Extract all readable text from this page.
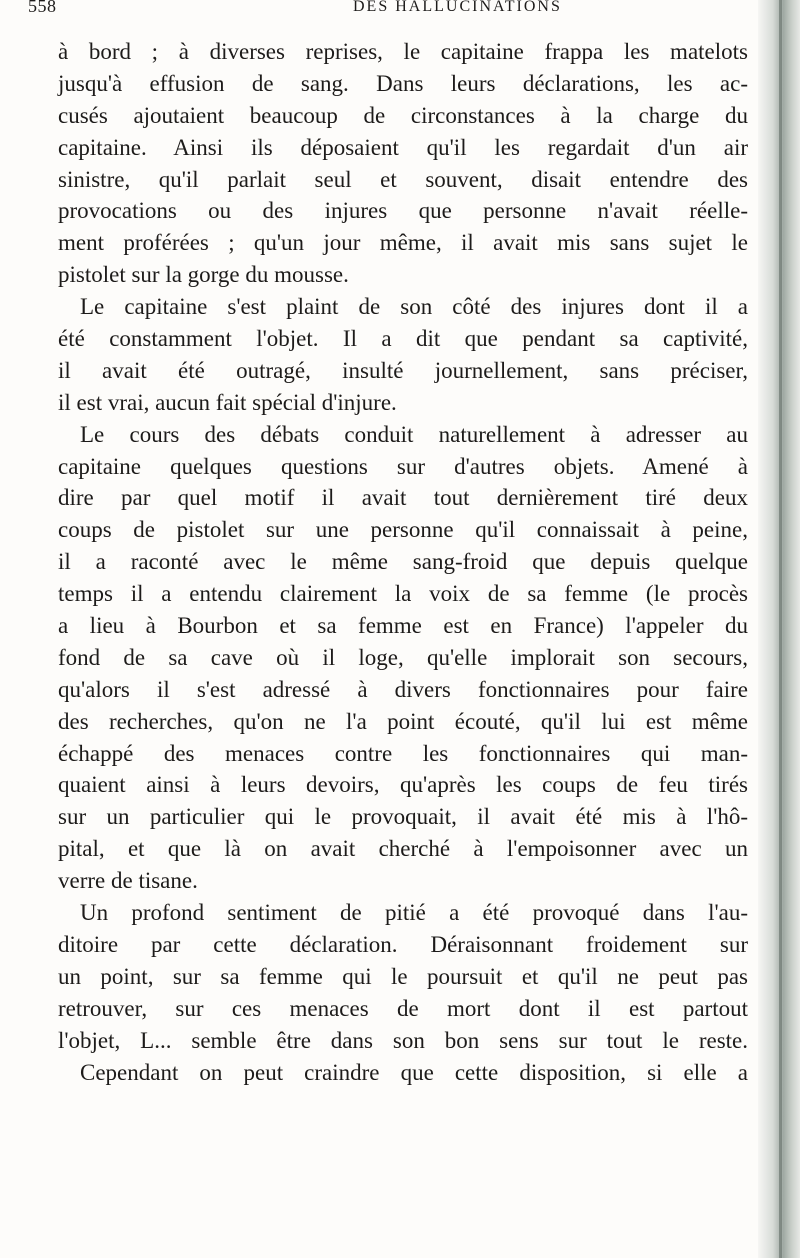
558	DES HALLUCINATIONS
à bord ; à diverses reprises, le capitaine frappa les matelots
jusqu'à effusion de sang. Dans leurs déclarations, les ac-
cusés ajoutaient beaucoup de circonstances à la charge du
capitaine. Ainsi ils déposaient qu'il les regardait d'un air
sinistre, qu'il parlait seul et souvent, disait entendre des
provocations ou des injures que personne n'avait réelle-
ment proférées ; qu'un jour même, il avait mis sans sujet le
pistolet sur la gorge du mousse.
Le capitaine s'est plaint de son côté des injures dont il a
été constamment l'objet. Il a dit que pendant sa captivité,
il avait été outragé, insulté journellement, sans préciser,
il est vrai, aucun fait spécial d'injure.
Le cours des débats conduit naturellement à adresser au
capitaine quelques questions sur d'autres objets. Amené à
dire par quel motif il avait tout dernièrement tiré deux
coups de pistolet sur une personne qu'il connaissait à peine,
il a raconté avec le même sang-froid que depuis quelque
temps il a entendu clairement la voix de sa femme (le procès
a lieu à Bourbon et sa femme est en France) l'appeler du
fond de sa cave où il loge, qu'elle implorait son secours,
qu'alors il s'est adressé à divers fonctionnaires pour faire
des recherches, qu'on ne l'a point écouté, qu'il lui est même
échappé des menaces contre les fonctionnaires qui man-
quaient ainsi à leurs devoirs, qu'après les coups de feu tirés
sur un particulier qui le provoquait, il avait été mis à l'hô-
pital, et que là on avait cherché à l'empoisonner avec un
verre de tisane.
Un profond sentiment de pitié a été provoqué dans l'au-
ditoire par cette déclaration. Déraisonnant froidement sur
un point, sur sa femme qui le poursuit et qu'il ne peut pas
retrouver, sur ces menaces de mort dont il est partout
l'objet, L... semble être dans son bon sens sur tout le reste.
Cependant on peut craindre que cette disposition, si elle a
